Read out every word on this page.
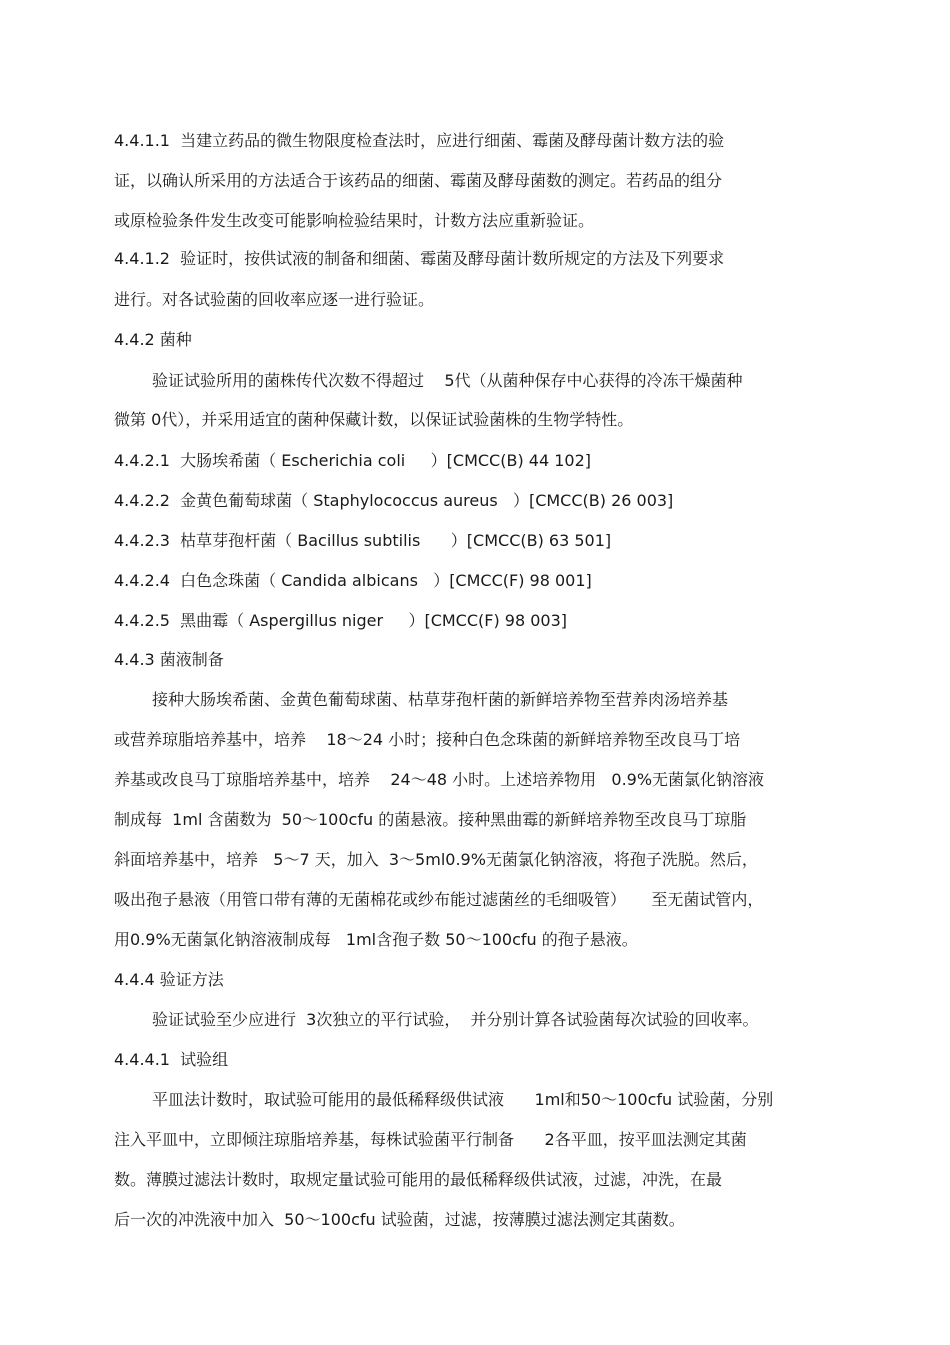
4.4.1.1  当建立药品的微生物限度检查法时，应进行细菌、霉菌及酵母菌计数方法的验
证，以确认所采用的方法适合于该药品的细菌、霉菌及酵母菌数的测定。若药品的组分
或原检验条件发生改变可能影响检验结果时，计数方法应重新验证。
4.4.1.2  验证时，按供试液的制备和细菌、霉菌及酵母菌计数所规定的方法及下列要求
进行。对各试验菌的回收率应逐一进行验证。
4.4.2 菌种
验证试验所用的菌株传代次数不得超过    5代（从菌种保存中心获得的冷冻干燥菌种
微第 0代），并采用适宜的菌种保藏计数，以保证试验菌株的生物学特性。
4.4.2.1  大肠埃希菌（ Escherichia coli     ）[CMCC(B) 44 102]
4.4.2.2  金黄色葡萄球菌（ Staphylococcus aureus   ）[CMCC(B) 26 003]
4.4.2.3  枯草芽孢杆菌（ Bacillus subtilis      ）[CMCC(B) 63 501]
4.4.2.4  白色念珠菌（ Candida albicans   ）[CMCC(F) 98 001]
4.4.2.5  黑曲霉（ Aspergillus niger     ）[CMCC(F) 98 003]
4.4.3 菌液制备
接种大肠埃希菌、金黄色葡萄球菌、枯草芽孢杆菌的新鲜培养物至营养肉汤培养基
或营养琼脂培养基中，培养    18～24 小时；接种白色念珠菌的新鲜培养物至改良马丁培
养基或改良马丁琼脂培养基中，培养    24～48 小时。上述培养物用   0.9%无菌氯化钠溶液
制成每  1ml 含菌数为  50～100cfu 的菌悬液。接种黑曲霉的新鲜培养物至改良马丁琼脂
斜面培养基中，培养   5～7 天，加入  3～5ml0.9%无菌氯化钠溶液，将孢子洗脱。然后，
吸出孢子悬液（用管口带有薄的无菌棉花或纱布能过滤菌丝的毛细吸管）     至无菌试管内，
用0.9%无菌氯化钠溶液制成每   1ml含孢子数 50～100cfu 的孢子悬液。
4.4.4 验证方法
验证试验至少应进行  3次独立的平行试验，  并分别计算各试验菌每次试验的回收率。
4.4.4.1  试验组
平皿法计数时，取试验可能用的最低稀释级供试液      1ml和50～100cfu 试验菌，分别
注入平皿中，立即倾注琼脂培养基，每株试验菌平行制备      2各平皿，按平皿法测定其菌
数。薄膜过滤法计数时，取规定量试验可能用的最低稀释级供试液，过滤，冲洗，在最
后一次的冲洗液中加入  50～100cfu 试验菌，过滤，按薄膜过滤法测定其菌数。
